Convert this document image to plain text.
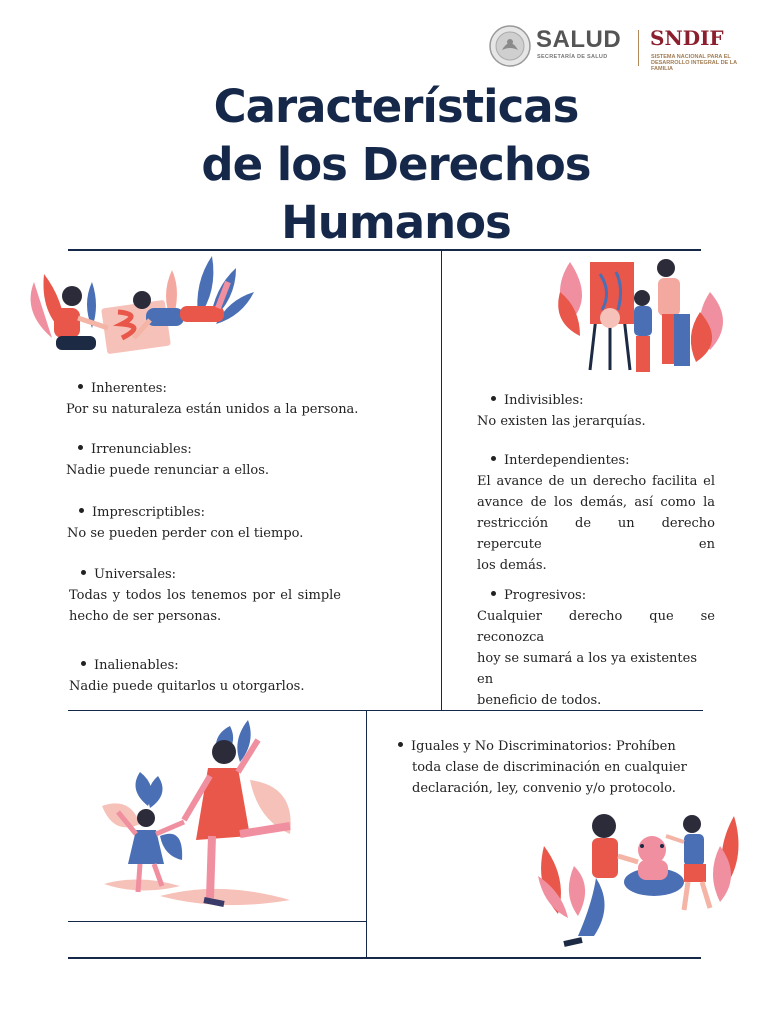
SALUD
SECRETARÍA DE SALUD
SNDIF
SISTEMA NACIONAL PARA EL DESARROLLO INTEGRAL DE LA FAMILIA
Características
de los Derechos
Humanos
Inherentes:
Por su naturaleza están unidos a la persona.
Irrenunciables:
Nadie puede renunciar a ellos.
Imprescriptibles:
No se pueden perder con el tiempo.
Universales:
Todas y todos los tenemos por el simple
hecho de ser personas.
Inalienables:
Nadie puede quitarlos u otorgarlos.
Indivisibles:
No existen las jerarquías.
Interdependientes:
El avance de un derecho facilita el
avance de los demás, así como la
restricción de un derecho repercute en
los demás.
Progresivos:
Cualquier derecho que se reconozca
hoy se sumará a los ya existentes en
beneficio de todos.
Iguales y No Discriminatorios: Prohíben
toda clase de discriminación en cualquier
declaración, ley, convenio y/o protocolo.
